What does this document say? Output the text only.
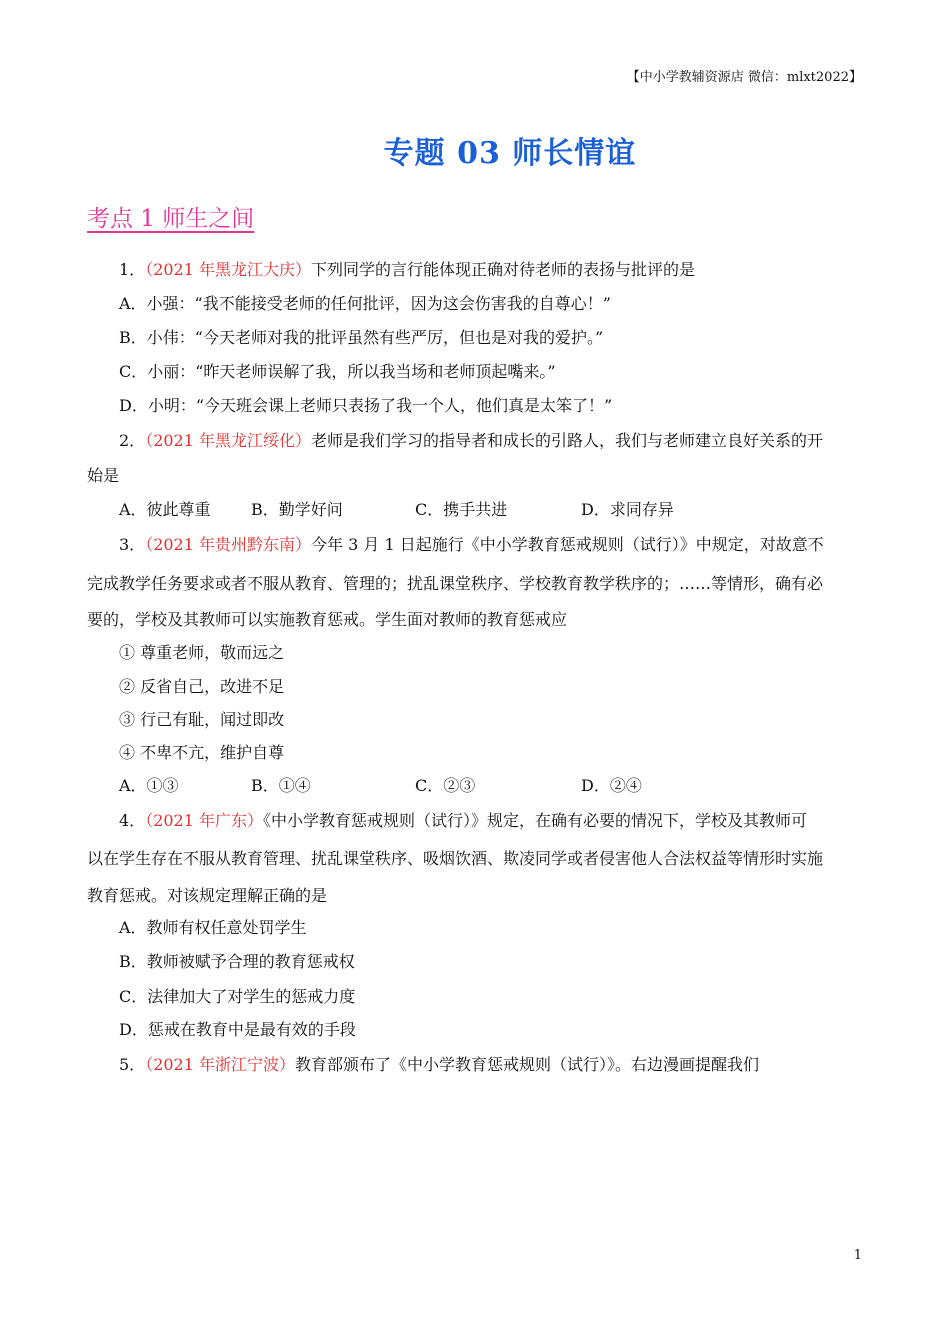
【中小学教辅资源店 微信：mlxt2022】
专题 03 师长情谊
考点 1 师生之间
1．（2021 年黑龙江大庆）下列同学的言行能体现正确对待老师的表扬与批评的是
A．小强：“我不能接受老师的任何批评，因为这会伤害我的自尊心！”
B．小伟：“今天老师对我的批评虽然有些严厉，但也是对我的爱护。”
C．小丽：“昨天老师误解了我，所以我当场和老师顶起嘴来。”
D．小明：“今天班会课上老师只表扬了我一个人，他们真是太笨了！”
2．（2021 年黑龙江绥化）老师是我们学习的指导者和成长的引路人，我们与老师建立良好关系的开
始是
A．彼此尊重	B．勤学好问	C．携手共进	D．求同存异
3．（2021 年贵州黔东南）今年 3 月 1 日起施行《中小学教育惩戒规则（试行）》中规定，对故意不
完成教学任务要求或者不服从教育、管理的；扰乱课堂秩序、学校教育教学秩序的；……等情形，确有必
要的，学校及其教师可以实施教育惩戒。学生面对教师的教育惩戒应
① 尊重老师，敬而远之
② 反省自己，改进不足
③ 行己有耻，闻过即改
④ 不卑不亢，维护自尊
A．①③	B．①④	C．②③	D．②④
4．（2021 年广东）《中小学教育惩戒规则（试行）》规定，在确有必要的情况下，学校及其教师可
以在学生存在不服从教育管理、扰乱课堂秩序、吸烟饮酒、欺凌同学或者侵害他人合法权益等情形时实施
教育惩戒。对该规定理解正确的是
A．教师有权任意处罚学生
B．教师被赋予合理的教育惩戒权
C．法律加大了对学生的惩戒力度
D．惩戒在教育中是最有效的手段
5．（2021 年浙江宁波）教育部颁布了《中小学教育惩戒规则（试行）》。右边漫画提醒我们
1
